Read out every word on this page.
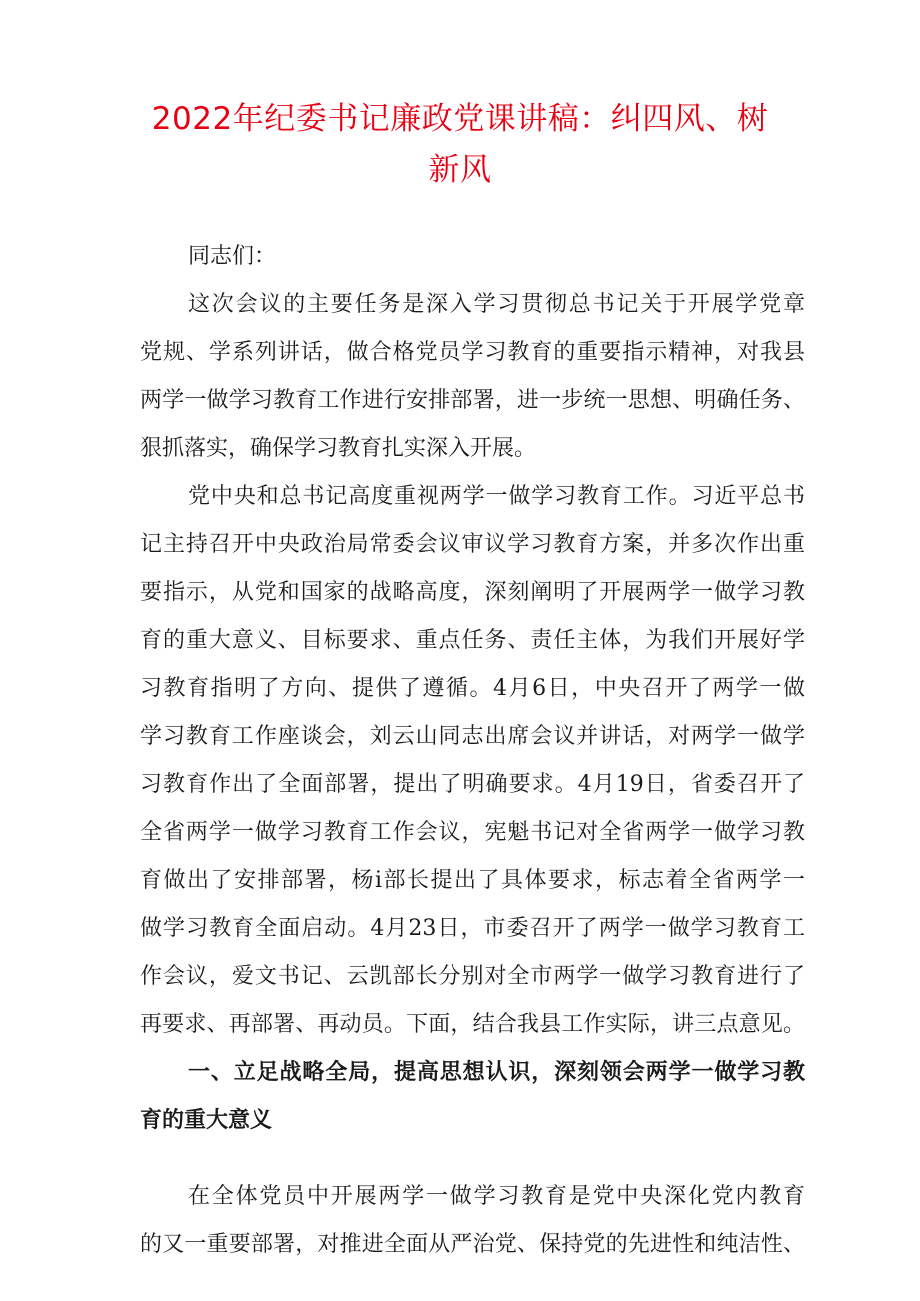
2022年纪委书记廉政党课讲稿：纠四风、树
新风
同志们：
这次会议的主要任务是深入学习贯彻总书记关于开展学党章
党规、学系列讲话，做合格党员学习教育的重要指示精神，对我县
两学一做学习教育工作进行安排部署，进一步统一思想、明确任务、
狠抓落实，确保学习教育扎实深入开展。
党中央和总书记高度重视两学一做学习教育工作。习近平总书
记主持召开中央政治局常委会议审议学习教育方案，并多次作出重
要指示，从党和国家的战略高度，深刻阐明了开展两学一做学习教
育的重大意义、目标要求、重点任务、责任主体，为我们开展好学
习教育指明了方向、提供了遵循。4月6日，中央召开了两学一做
学习教育工作座谈会，刘云山同志出席会议并讲话，对两学一做学
习教育作出了全面部署，提出了明确要求。4月19日，省委召开了
全省两学一做学习教育工作会议，宪魁书记对全省两学一做学习教
育做出了安排部署，杨i部长提出了具体要求，标志着全省两学一
做学习教育全面启动。4月23日，市委召开了两学一做学习教育工
作会议，爱文书记、云凯部长分别对全市两学一做学习教育进行了
再要求、再部署、再动员。下面，结合我县工作实际，讲三点意见。
一、立足战略全局，提高思想认识，深刻领会两学一做学习教
育的重大意义
在全体党员中开展两学一做学习教育是党中央深化党内教育
的又一重要部署，对推进全面从严治党、保持党的先进性和纯洁性、
